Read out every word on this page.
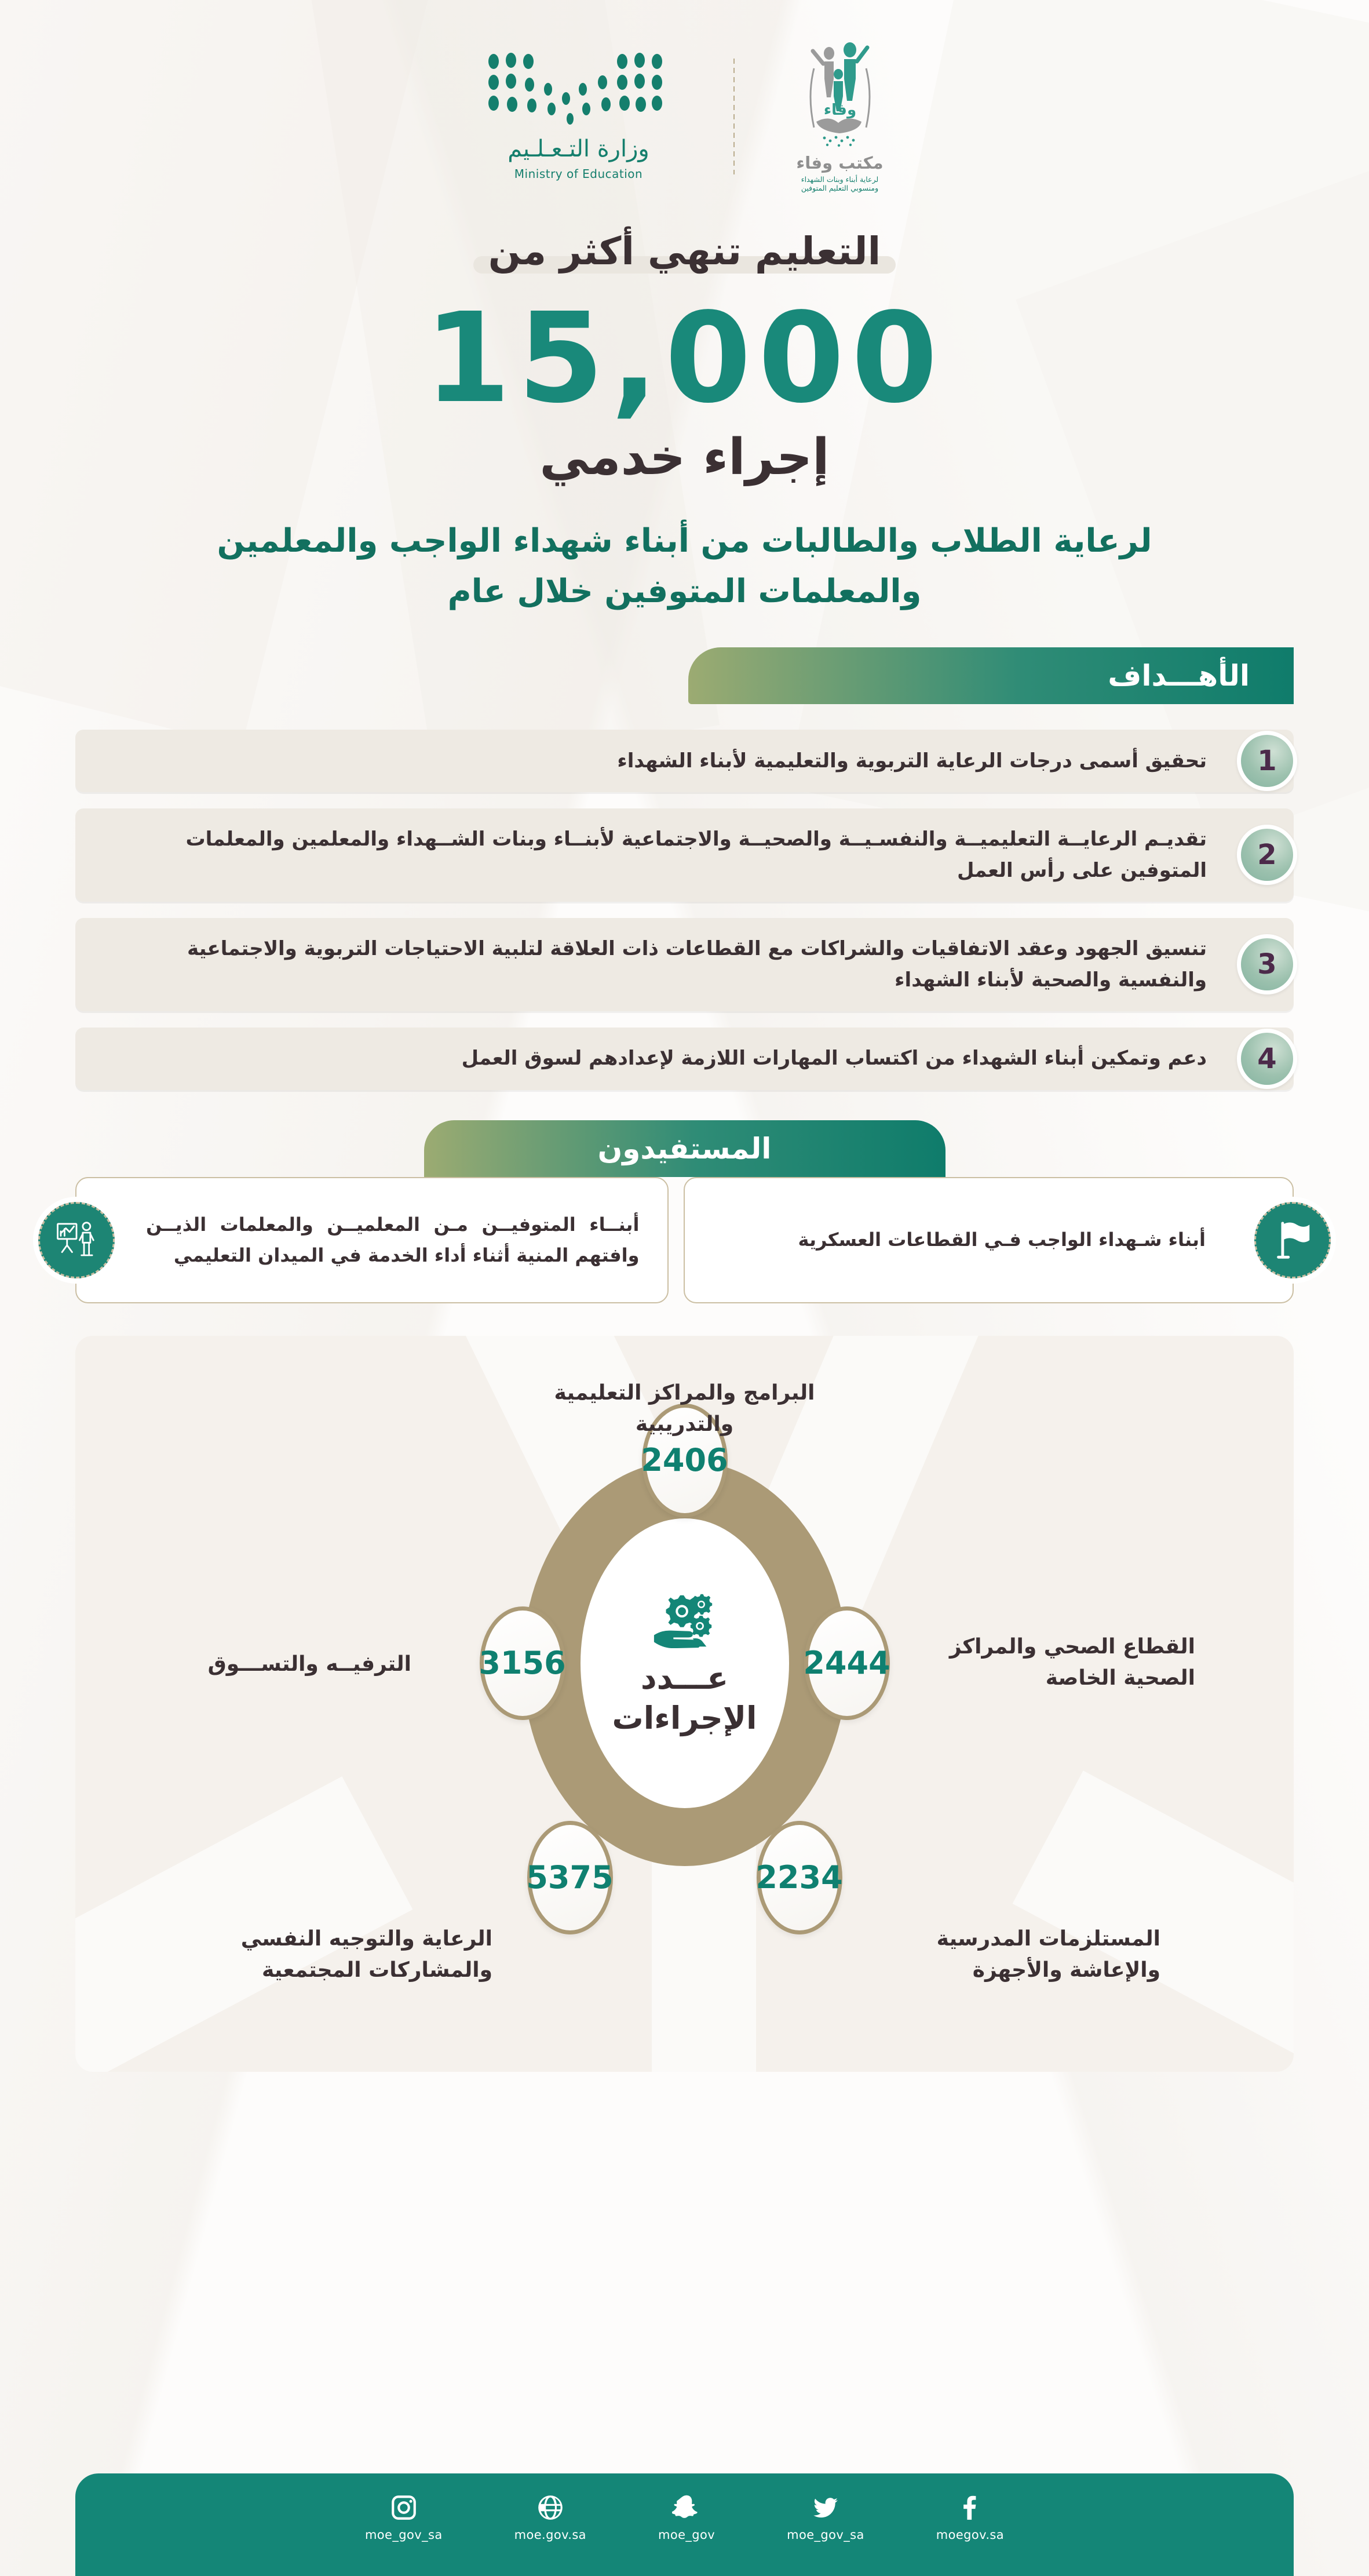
وفاء
مكتب وفاء
لرعاية أبناء وبنات الشهداء
ومنسوبي التعليم المتوفين
وزارة التـعـلـيم
Ministry of Education
التعليم تنهي أكثر من
15,000
إجراء خدمي
لرعاية الطلاب والطالبات من أبناء شهداء الواجب والمعلمين والمعلمات المتوفين خلال عام
الأهـــداف
تحقيق أسمى درجات الرعاية التربوية والتعليمية لأبناء الشهداء	1
تقديـم الرعايــة التعليميــة والنفسـيــة والصحيــة والاجتماعية لأبنــاء وبنات الشــهداء والمعلمين والمعلمات المتوفين على رأس العمل	2
تنسيق الجهود وعقد الاتفاقيات والشراكات مع القطاعات ذات العلاقة لتلبية الاحتياجات التربوية والاجتماعية والنفسية والصحية لأبناء الشهداء	3
دعم وتمكين أبناء الشهداء من اكتساب المهارات اللازمة لإعدادهم لسوق العمل	4
المستفيدون
أبناء شـهداء الواجب فـي القطاعات العسكرية
أبنــاء المتوفيــن مـن المعلميــن والمعلمات الذيــن وافتهم المنية أثناء أداء الخدمة في الميدان التعليمي
البرامج والمراكز التعليمية والتدريبية
القطاع الصحي والمراكز الصحية الخاصة
الترفيــه والتســـوق
المستلزمات المدرسية والإعاشة والأجهزة
الرعاية والتوجيه النفسي والمشاركات المجتمعية
عـــدد
الإجراءات
2406
2444
3156
2234
5375
moegov.sa
moe_gov_sa
moe_gov
moe.gov.sa
moe_gov_sa
